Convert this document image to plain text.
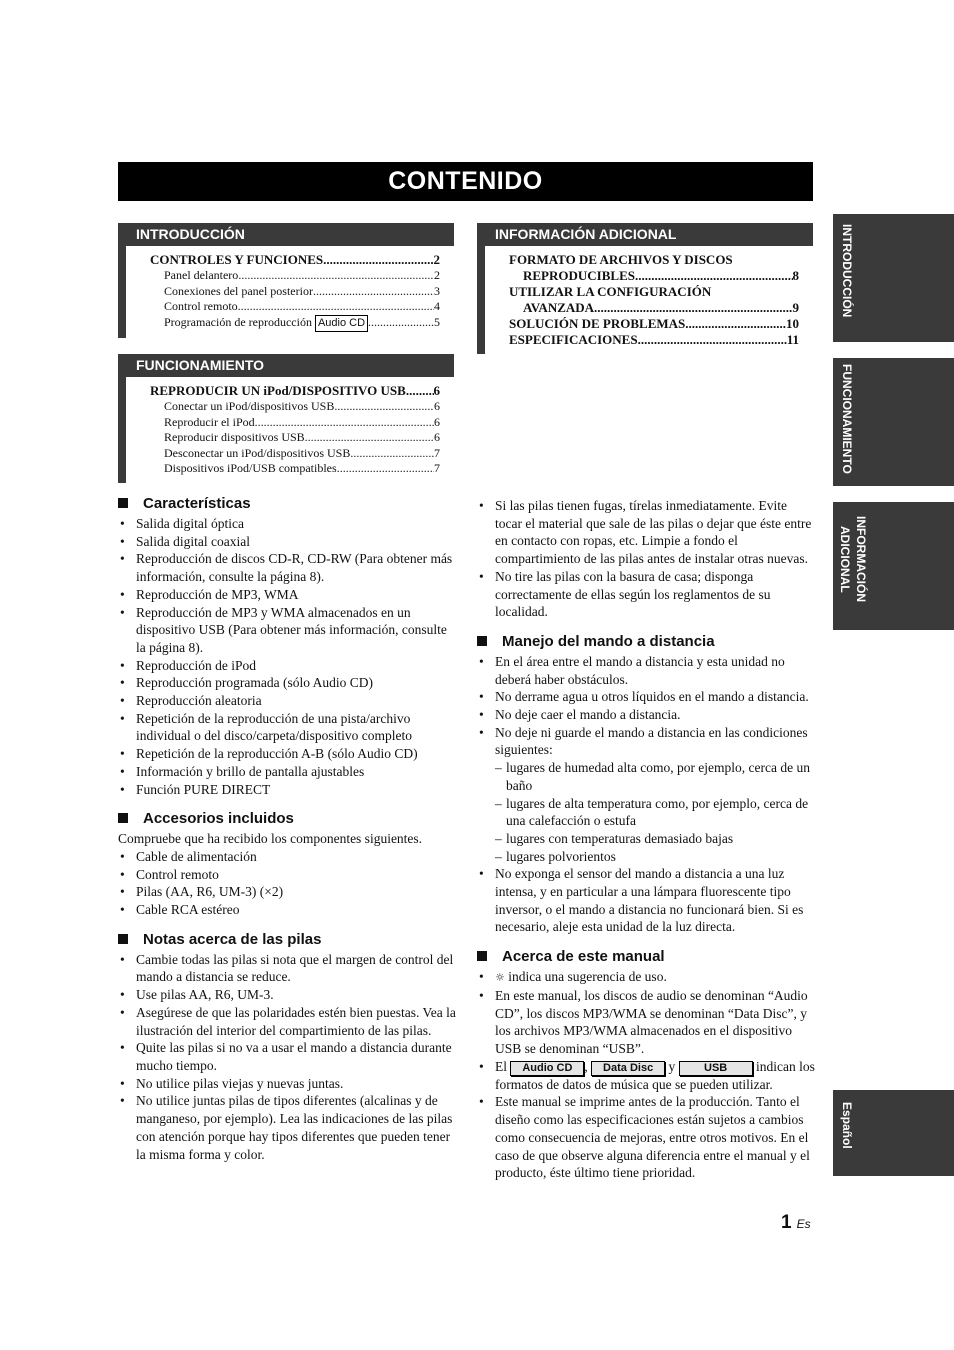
CONTENIDO
INTRODUCCIÓN
CONTROLES Y FUNCIONES .....	2
Panel delantero .....	2
Conexiones del panel posterior .....	3
Control remoto .....	4
Programación de reproducción
Audio CD .....	5
FUNCIONAMIENTO
REPRODUCIR UN iPod/DISPOSITIVO USB ..... 6
Conectar un iPod/dispositivos USB .....	6
Reproducir el iPod .....	6
Reproducir dispositivos USB .....	6
Desconectar un iPod/dispositivos USB .....	7
Dispositivos iPod/USB compatibles .....	7
INFORMACIÓN ADICIONAL
FORMATO DE ARCHIVOS Y DISCOS
REPRODUCIBLES .....	8
UTILIZAR LA CONFIGURACIÓN
AVANZADA .....	9
SOLUCIÓN DE PROBLEMAS .....	10
ESPECIFICACIONES .....	11
Características
• Salida digital óptica
• Salida digital coaxial
• Reproducción de discos CD-R, CD-RW (Para obtener más información, consulte la página 8).
• Reproducción de MP3, WMA
• Reproducción de MP3 y WMA almacenados en un dispositivo USB (Para obtener más información, consulte la página 8).
• Reproducción de iPod
• Reproducción programada (sólo Audio CD)
• Reproducción aleatoria
• Repetición de la reproducción de una pista/archivo individual o del disco/carpeta/dispositivo completo
• Repetición de la reproducción A-B (sólo Audio CD)
• Información y brillo de pantalla ajustables
• Función PURE DIRECT
Accesorios incluidos
Compruebe que ha recibido los componentes siguientes.
• Cable de alimentación
• Control remoto
• Pilas (AA, R6, UM-3) (×2)
• Cable RCA estéreo
Notas acerca de las pilas
• Cambie todas las pilas si nota que el margen de control del mando a distancia se reduce.
• Use pilas AA, R6, UM-3.
• Asegúrese de que las polaridades estén bien puestas. Vea la ilustración del interior del compartimiento de las pilas.
• Quite las pilas si no va a usar el mando a distancia durante mucho tiempo.
• No utilice pilas viejas y nuevas juntas.
• No utilice juntas pilas de tipos diferentes (alcalinas y de manganeso, por ejemplo). Lea las indicaciones de las pilas con atención porque hay tipos diferentes que pueden tener la misma forma y color.
• Si las pilas tienen fugas, tírelas inmediatamente. Evite tocar el material que sale de las pilas o dejar que éste entre en contacto con ropas, etc. Limpie a fondo el compartimiento de las pilas antes de instalar otras nuevas.
• No tire las pilas con la basura de casa; disponga correctamente de ellas según los reglamentos de su localidad.
Manejo del mando a distancia
• En el área entre el mando a distancia y esta unidad no deberá haber obstáculos.
• No derrame agua u otros líquidos en el mando a distancia.
• No deje caer el mando a distancia.
• No deje ni guarde el mando a distancia en las condiciones siguientes:
– lugares de humedad alta como, por ejemplo, cerca de un baño
– lugares de alta temperatura como, por ejemplo, cerca de una calefacción o estufa
– lugares con temperaturas demasiado bajas
– lugares polvorientos
• No exponga el sensor del mando a distancia a una luz intensa, y en particular a una lámpara fluorescente tipo inversor, o el mando a distancia no funcionará bien. Si es necesario, aleje esta unidad de la luz directa.
Acerca de este manual
• ☼ indica una sugerencia de uso.
• En este manual, los discos de audio se denominan “Audio CD”, los discos MP3/WMA se denominan “Data Disc”, y los archivos MP3/WMA almacenados en el dispositivo USB se denominan “USB”.
• El Audio CD , Data Disc y	USB indican los formatos de datos de música que se pueden utilizar.
• Este manual se imprime antes de la producción. Tanto el diseño como las especificaciones están sujetos a cambios como consecuencia de mejoras, entre otros motivos. En el caso de que observe alguna diferencia entre el manual y el producto, éste último tiene prioridad.
INTRODUCCIÓN
FUNCIONAMIENTO
INFORMACIÓN
ADICIONAL
Español
1 Es
